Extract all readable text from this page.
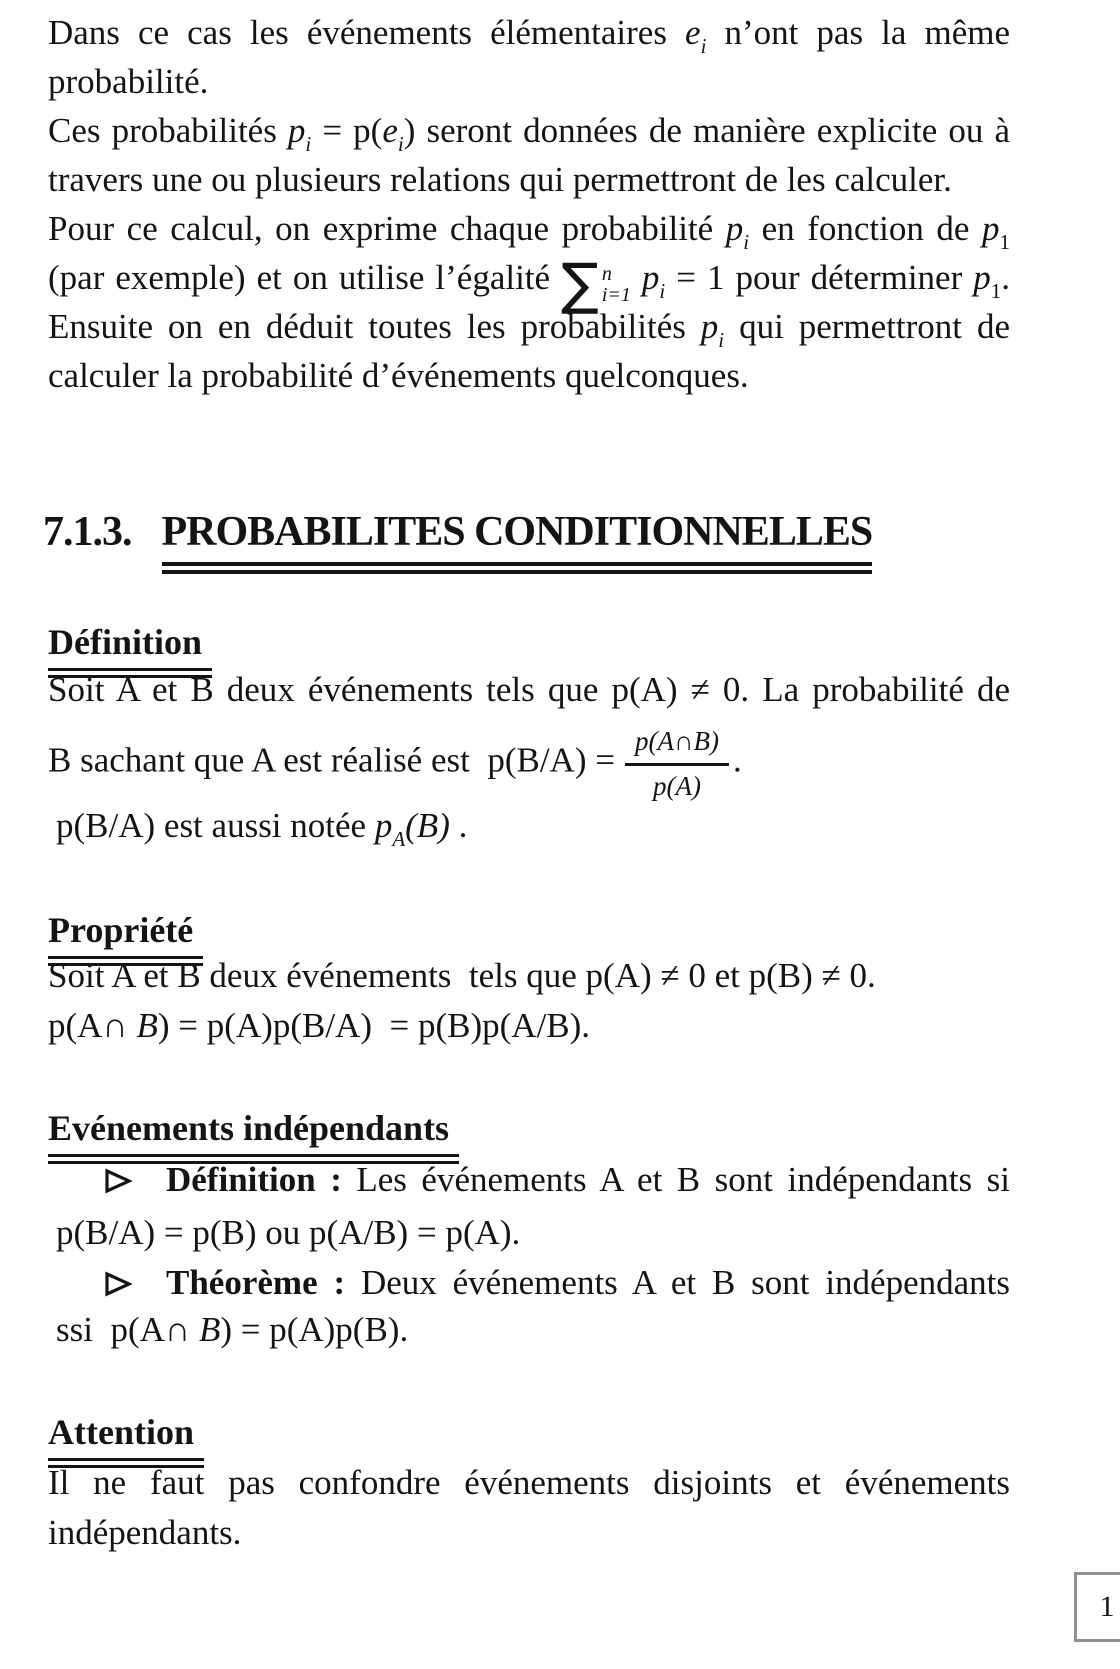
Dans ce cas les événements élémentaires $e_i$ n’ont pas la même
probabilité.
Ces probabilités $p_i = p(e_i)$ seront données de manière explicite ou à
travers une ou plusieurs relations qui permettront de les calculer.
Pour ce calcul, on exprime chaque probabilité $p_i$ en fonction de $p_1$
(par exemple) et on utilise l’égalité ∑ n
i=1 $p_i = 1$ pour déterminer $p_1$.
Ensuite on en déduit toutes les probabilités $p_i$ qui permettront de
calculer la probabilité d’événements quelconques.
7.1.3. PROBABILITES CONDITIONNELLES
Définition
Soit A et B deux événements tels que p(A) ≠ 0. La probabilité de
B sachant que A est réalisé est  $p(B/A) = \frac{p(A\cap B)}{p(A)}$ .
p(B/A) est aussi notée $p_A(B)$ .
Propriété
Soit A et B deux événements  tels que p(A) ≠ 0 et p(B) ≠ 0.
p(A∩ B) = p(A)p(B/A)  = p(B)p(A/B).
Evénements indépendants
Définition : Les événements A et B sont indépendants si
p(B/A) = p(B) ou p(A/B) = p(A).
Théorème : Deux événements A et B sont indépendants
ssi  p(A∩ B) = p(A)p(B).
Attention
Il ne faut pas confondre événements disjoints et événements
indépendants.
1
